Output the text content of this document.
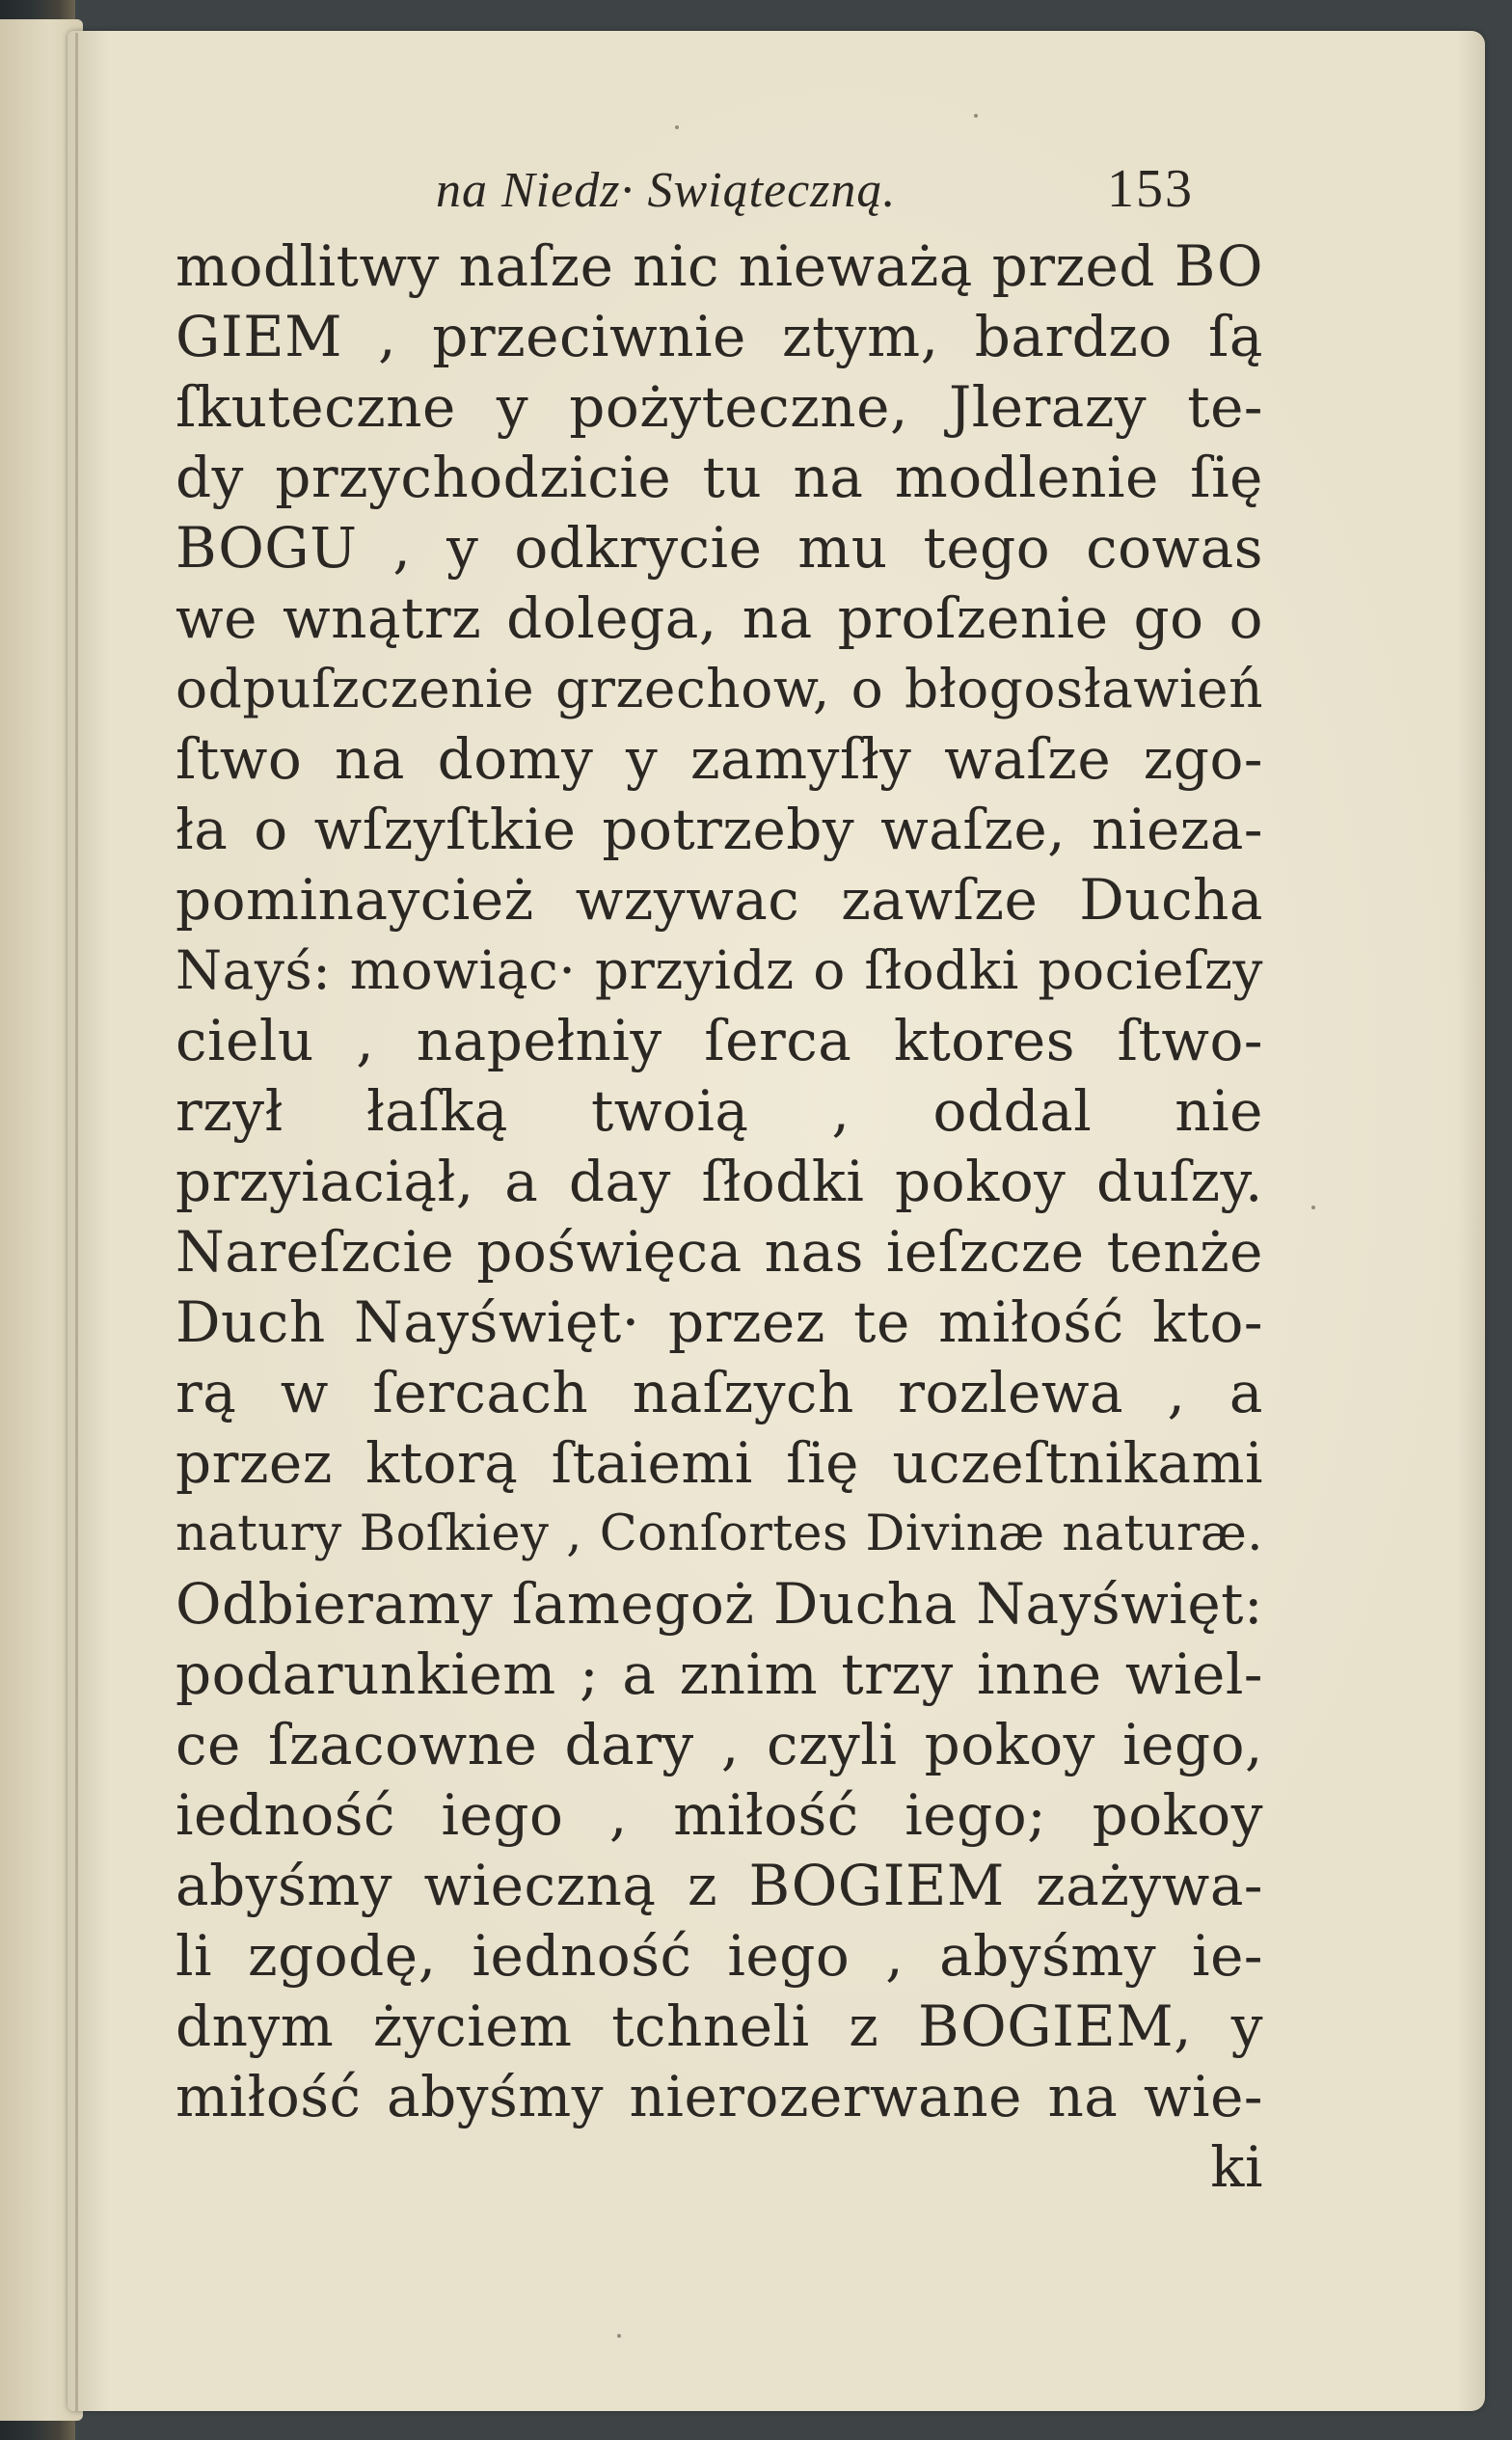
na Niedz· Swiąteczną.	153
modlitwy naſze nic nieważą przed BO
GIEM , przeciwnie ztym, bardzo ſą
ſkuteczne y pożyteczne, Jlerazy te-
dy przychodzicie tu na modlenie ſię
BOGU , y odkrycie mu tego cowas
we wnątrz dolega, na proſzenie go o
odpuſzczenie grzechow, o błogosławień
ſtwo na domy y zamyſły waſze zgo-
ła o wſzyſtkie potrzeby waſze, nieza-
pominaycież wzywac zawſze Ducha
Nayś: mowiąc· przyidz o ſłodki pocieſzy
cielu , napełniy ſerca ktores ſtwo-
rzył łaſką twoią , oddal nie
przyiaciął, a day ſłodki pokoy duſzy.
Nareſzcie poświęca nas ieſzcze tenże
Duch Nayświęt· przez te miłość kto-
rą w ſercach naſzych rozlewa , a
przez ktorą ſtaiemi ſię uczeſtnikami
natury Boſkiey , Conſortes Divinæ naturæ.
Odbieramy ſamegoż Ducha Nayświęt:
podarunkiem ; a znim trzy inne wiel-
ce ſzacowne dary , czyli pokoy iego,
iedność iego , miłość iego; pokoy
abyśmy wieczną z BOGIEM zażywa-
li zgodę, iedność iego , abyśmy ie-
dnym życiem tchneli z BOGIEM, y
miłość abyśmy nierozerwane na wie-
ki
